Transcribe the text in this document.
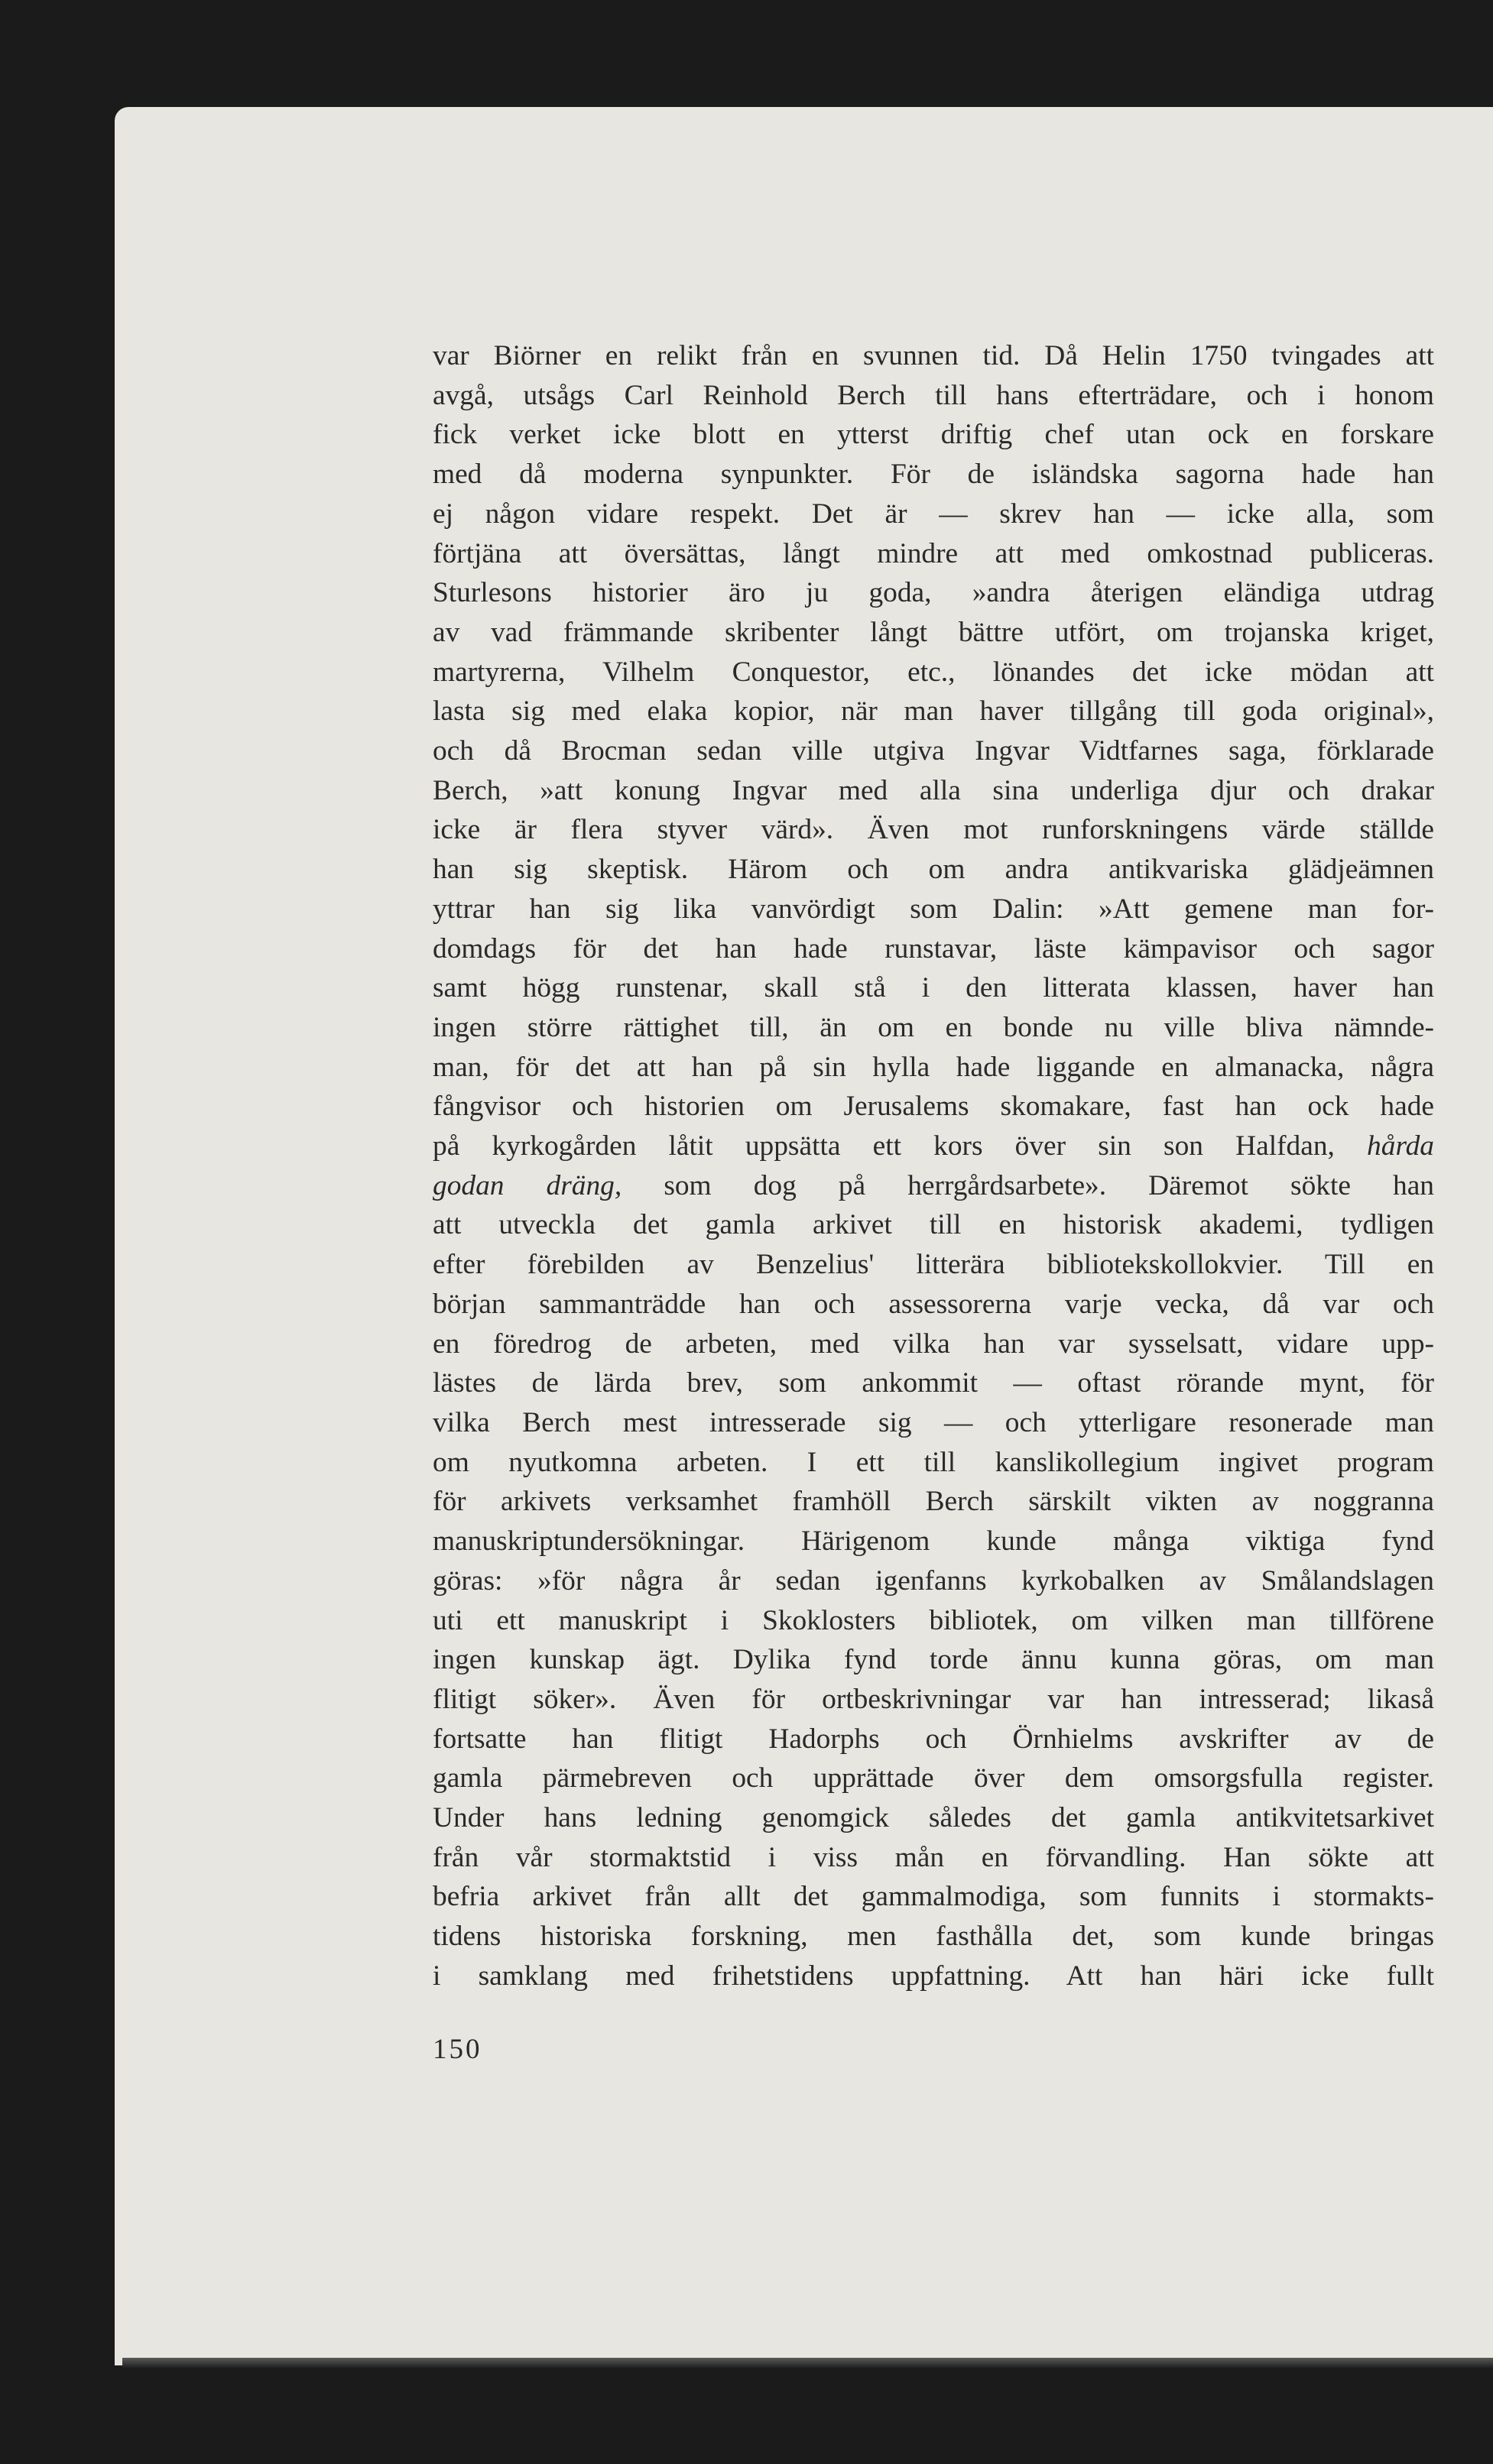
var Biörner en relikt från en svunnen tid. Då Helin 1750 tvingades att
avgå, utsågs Carl Reinhold Berch till hans efterträdare, och i honom
fick verket icke blott en ytterst driftig chef utan ock en forskare
med då moderna synpunkter. För de isländska sagorna hade han
ej någon vidare respekt. Det är — skrev han — icke alla, som
förtjäna att översättas, långt mindre att med omkostnad publiceras.
Sturlesons historier äro ju goda, »andra återigen eländiga utdrag
av vad främmande skribenter långt bättre utfört, om trojanska kriget,
martyrerna, Vilhelm Conquestor, etc., lönandes det icke mödan att
lasta sig med elaka kopior, när man haver tillgång till goda original»,
och då Brocman sedan ville utgiva Ingvar Vidtfarnes saga, förklarade
Berch, »att konung Ingvar med alla sina underliga djur och drakar
icke är flera styver värd». Även mot runforskningens värde ställde
han sig skeptisk. Härom och om andra antikvariska glädjeämnen
yttrar han sig lika vanvördigt som Dalin: »Att gemene man for-
domdags för det han hade runstavar, läste kämpavisor och sagor
samt högg runstenar, skall stå i den litterata klassen, haver han
ingen större rättighet till, än om en bonde nu ville bliva nämnde-
man, för det att han på sin hylla hade liggande en almanacka, några
fångvisor och historien om Jerusalems skomakare, fast han ock hade
på kyrkogården låtit uppsätta ett kors över sin son Halfdan, hårda
godan dräng, som dog på herrgårdsarbete». Däremot sökte han
att utveckla det gamla arkivet till en historisk akademi, tydligen
efter förebilden av Benzelius' litterära bibliotekskollokvier. Till en
början sammanträdde han och assessorerna varje vecka, då var och
en föredrog de arbeten, med vilka han var sysselsatt, vidare upp-
lästes de lärda brev, som ankommit — oftast rörande mynt, för
vilka Berch mest intresserade sig — och ytterligare resonerade man
om nyutkomna arbeten. I ett till kanslikollegium ingivet program
för arkivets verksamhet framhöll Berch särskilt vikten av noggranna
manuskriptundersökningar. Härigenom kunde många viktiga fynd
göras: »för några år sedan igenfanns kyrkobalken av Smålandslagen
uti ett manuskript i Skoklosters bibliotek, om vilken man tillförene
ingen kunskap ägt. Dylika fynd torde ännu kunna göras, om man
flitigt söker». Även för ortbeskrivningar var han intresserad; likaså
fortsatte han flitigt Hadorphs och Örnhielms avskrifter av de
gamla pärmebreven och upprättade över dem omsorgsfulla register.
Under hans ledning genomgick således det gamla antikvitetsarkivet
från vår stormaktstid i viss mån en förvandling. Han sökte att
befria arkivet från allt det gammalmodiga, som funnits i stormakts-
tidens historiska forskning, men fasthålla det, som kunde bringas
i samklang med frihetstidens uppfattning. Att han häri icke fullt
150
